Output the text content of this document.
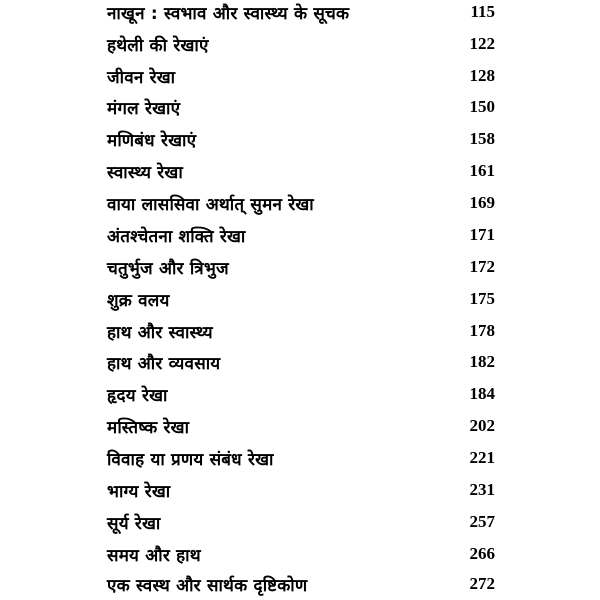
नाखून : स्वभाव और स्वास्थ्य के सूचक	115
हथेली की रेखाएं	122
जीवन रेखा	128
मंगल रेखाएं	150
मणिबंध रेखाएं	158
स्वास्थ्य रेखा	161
वाया लाससिवा अर्थात् सुमन रेखा	169
अंतश्चेतना शक्ति रेखा	171
चतुर्भुज और त्रिभुज	172
शुक्र वलय	175
हाथ और स्वास्थ्य	178
हाथ और व्यवसाय	182
हृदय रेखा	184
मस्तिष्क रेखा	202
विवाह या प्रणय संबंध रेखा	221
भाग्य रेखा	231
सूर्य रेखा	257
समय और हाथ	266
एक स्वस्थ और सार्थक दृष्टिकोण	272
